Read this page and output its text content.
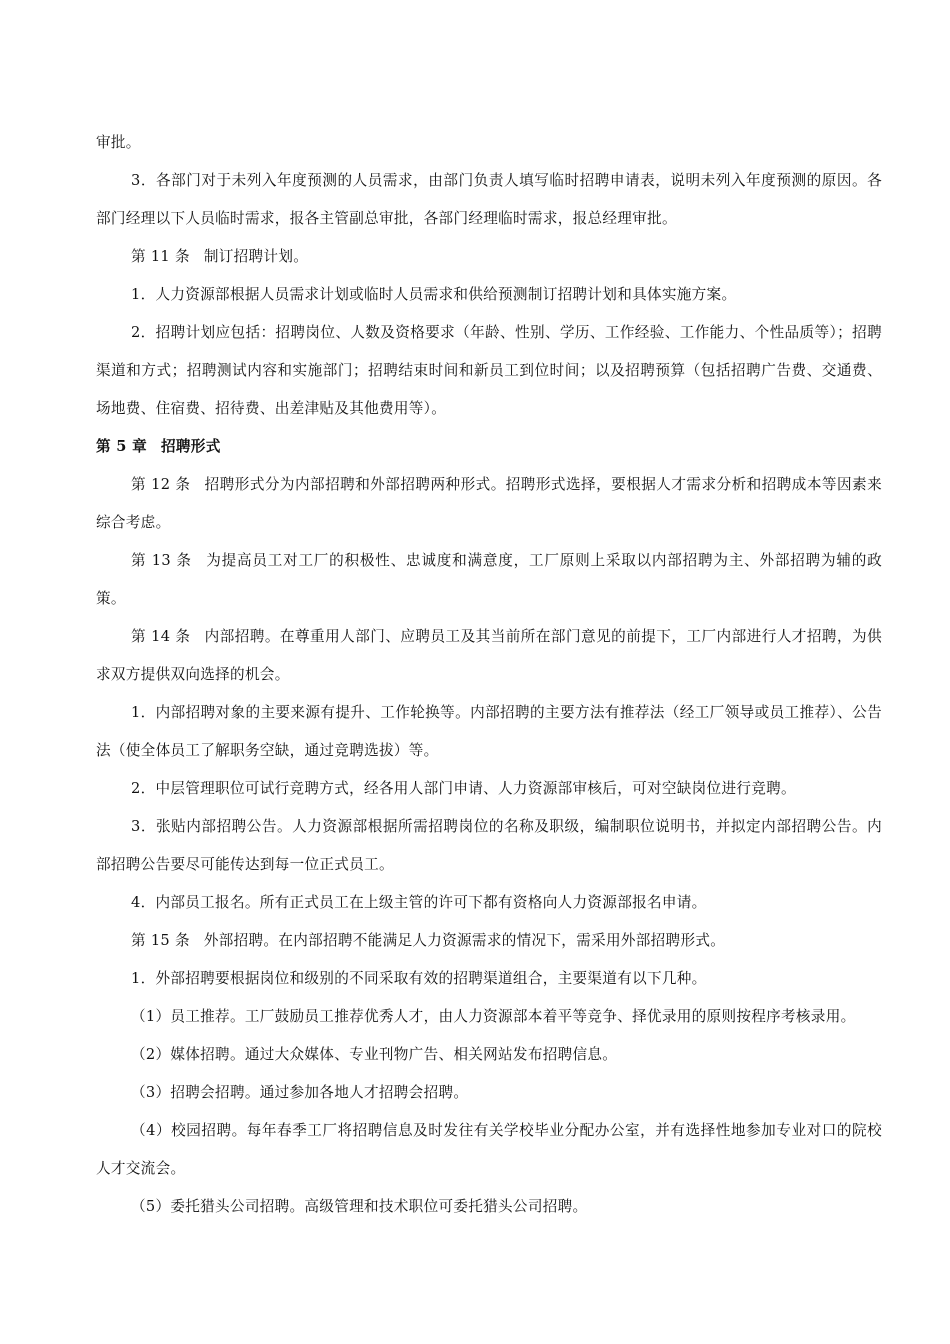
审批。

3．各部门对于未列入年度预测的人员需求，由部门负责人填写临时招聘申请表，说明未列入年度预测的原因。各部门经理以下人员临时需求，报各主管副总审批，各部门经理临时需求，报总经理审批。

第 11 条 制订招聘计划。

1．人力资源部根据人员需求计划或临时人员需求和供给预测制订招聘计划和具体实施方案。

2．招聘计划应包括：招聘岗位、人数及资格要求（年龄、性别、学历、工作经验、工作能力、个性品质等）；招聘渠道和方式；招聘测试内容和实施部门；招聘结束时间和新员工到位时间；以及招聘预算（包括招聘广告费、交通费、场地费、住宿费、招待费、出差津贴及其他费用等）。

第 5 章 招聘形式

第 12 条 招聘形式分为内部招聘和外部招聘两种形式。招聘形式选择，要根据人才需求分析和招聘成本等因素来综合考虑。

第 13 条 为提高员工对工厂的积极性、忠诚度和满意度，工厂原则上采取以内部招聘为主、外部招聘为辅的政策。

第 14 条 内部招聘。在尊重用人部门、应聘员工及其当前所在部门意见的前提下，工厂内部进行人才招聘，为供求双方提供双向选择的机会。

1．内部招聘对象的主要来源有提升、工作轮换等。内部招聘的主要方法有推荐法（经工厂领导或员工推荐）、公告法（使全体员工了解职务空缺，通过竞聘选拔）等。

2．中层管理职位可试行竞聘方式，经各用人部门申请、人力资源部审核后，可对空缺岗位进行竞聘。

3．张贴内部招聘公告。人力资源部根据所需招聘岗位的名称及职级，编制职位说明书，并拟定内部招聘公告。内部招聘公告要尽可能传达到每一位正式员工。

4．内部员工报名。所有正式员工在上级主管的许可下都有资格向人力资源部报名申请。

第 15 条 外部招聘。在内部招聘不能满足人力资源需求的情况下，需采用外部招聘形式。

1．外部招聘要根据岗位和级别的不同采取有效的招聘渠道组合，主要渠道有以下几种。

（1）员工推荐。工厂鼓励员工推荐优秀人才，由人力资源部本着平等竞争、择优录用的原则按程序考核录用。

（2）媒体招聘。通过大众媒体、专业刊物广告、相关网站发布招聘信息。

（3）招聘会招聘。通过参加各地人才招聘会招聘。

（4）校园招聘。每年春季工厂将招聘信息及时发往有关学校毕业分配办公室，并有选择性地参加专业对口的院校人才交流会。

（5）委托猎头公司招聘。高级管理和技术职位可委托猎头公司招聘。
